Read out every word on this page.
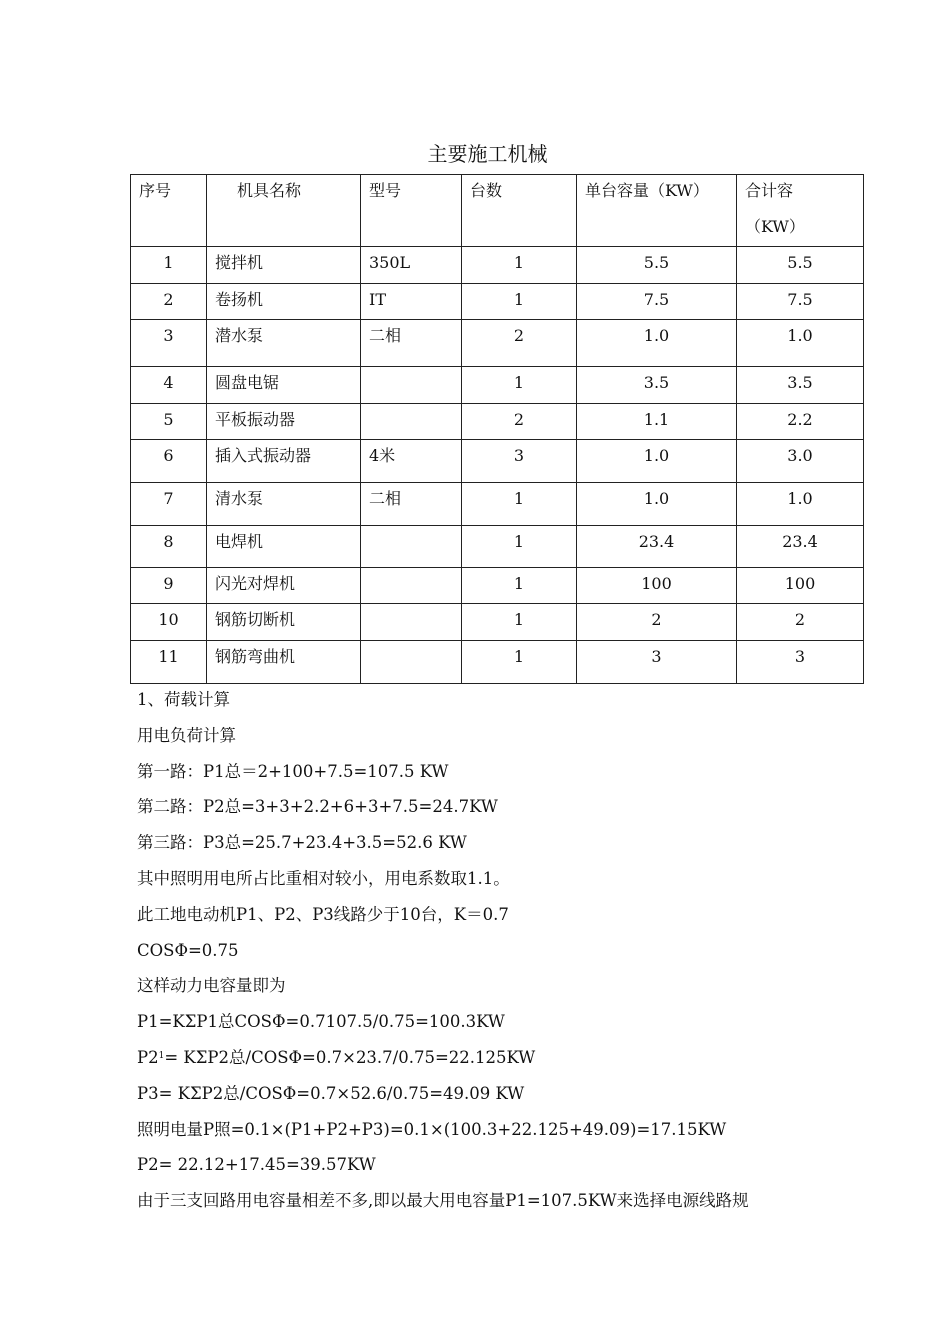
主要施工机械
序号	机具名称	型号	台数	单台容量（KW）	合计容
（KW）

1	搅拌机	350L	1	5.5	5.5
2	卷扬机	IT	1	7.5	7.5
3	潜水泵	二相	2	1.0	1.0
4	圆盘电锯		1	3.5	3.5
5	平板振动器		2	1.1	2.2
6	插入式振动器	4米	3	1.0	3.0
7	清水泵	二相	1	1.0	1.0
8	电焊机		1	23.4	23.4
9	闪光对焊机		1	100	100
10	钢筋切断机		1	2	2
11	钢筋弯曲机		1	3	3

1、荷载计算

用电负荷计算

第一路：P1总＝2+100+7.5=107.5 KW

第二路：P2总=3+3+2.2+6+3+7.5=24.7KW

第三路：P3总=25.7+23.4+3.5=52.6 KW

其中照明用电所占比重相对较小，用电系数取1.1。

此工地电动机P1、P2、P3线路少于10台，K＝0.7

COSΦ=0.75

这样动力电容量即为

P1=KΣP1总COSΦ=0.7107.5/0.75=100.3KW

$P2^1= K\Sigma P2$总/COSΦ=0.7×23.7/0.75=22.125KW

P3= KΣP2总/COSΦ=0.7×52.6/0.75=49.09 KW

照明电量P照=0.1×(P1+P2+P3)=0.1×(100.3+22.125+49.09)=17.15KW

P2= 22.12+17.45=39.57KW

由于三支回路用电容量相差不多,即以最大用电容量P1=107.5KW来选择电源线路规
